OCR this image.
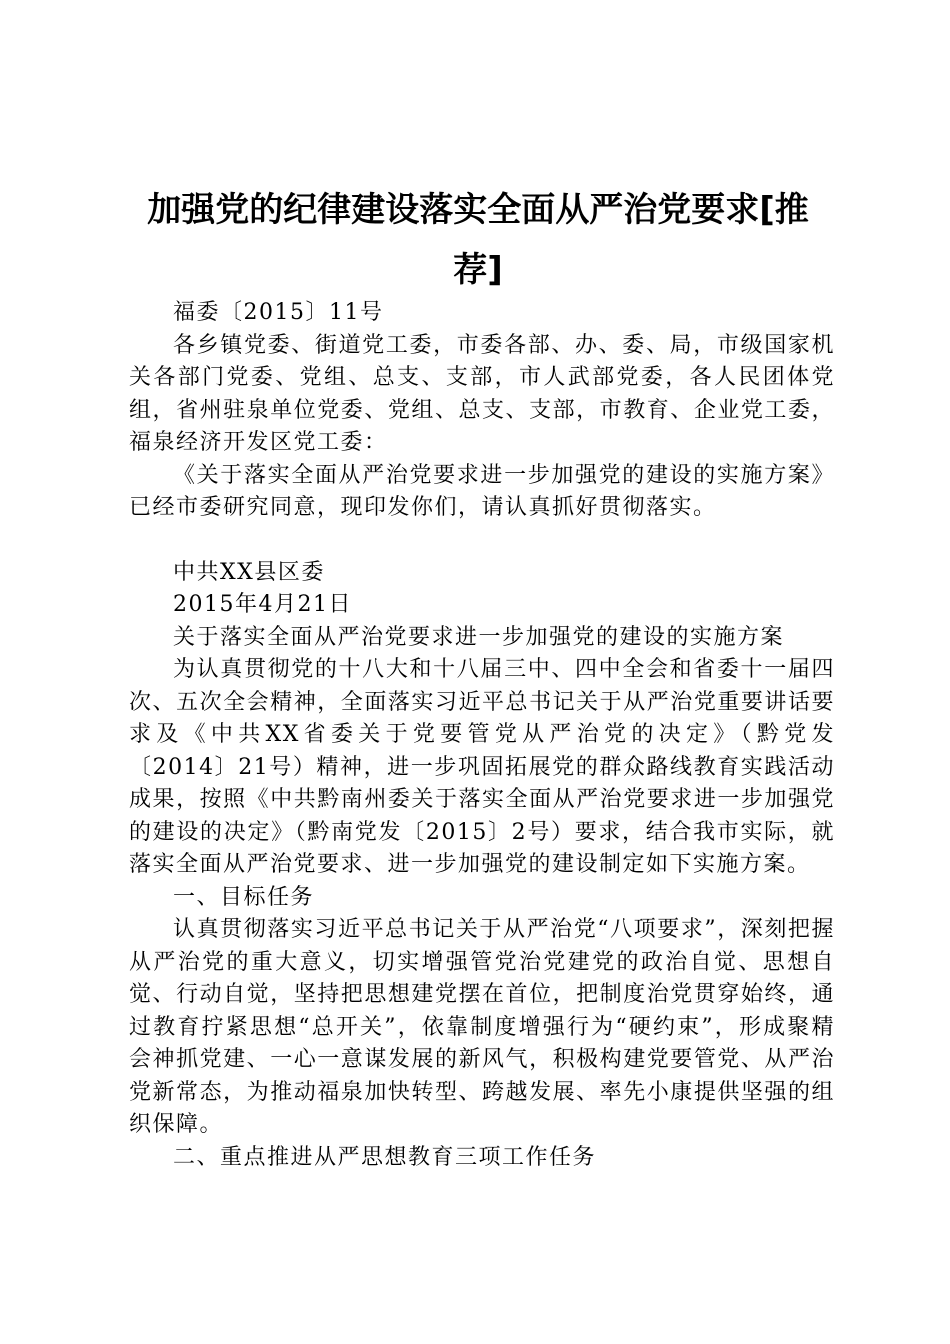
加强党的纪律建设落实全面从严治党要求[推荐]

福委〔2015〕11号

各乡镇党委、街道党工委，市委各部、办、委、局，市级国家机关各部门党委、党组、总支、支部，市人武部党委，各人民团体党组，省州驻泉单位党委、党组、总支、支部，市教育、企业党工委，福泉经济开发区党工委：

《关于落实全面从严治党要求进一步加强党的建设的实施方案》已经市委研究同意，现印发你们，请认真抓好贯彻落实。

中共XX县区委

2015年4月21日

关于落实全面从严治党要求进一步加强党的建设的实施方案

为认真贯彻党的十八大和十八届三中、四中全会和省委十一届四次、五次全会精神，全面落实习近平总书记关于从严治党重要讲话要求及《中共XX省委关于党要管党从严治党的决定》（黔党发〔2014〕21号）精神，进一步巩固拓展党的群众路线教育实践活动成果，按照《中共黔南州委关于落实全面从严治党要求进一步加强党的建设的决定》（黔南党发〔2015〕2号）要求，结合我市实际，就落实全面从严治党要求、进一步加强党的建设制定如下实施方案。

一、目标任务

认真贯彻落实习近平总书记关于从严治党“八项要求”，深刻把握从严治党的重大意义，切实增强管党治党建党的政治自觉、思想自觉、行动自觉，坚持把思想建党摆在首位，把制度治党贯穿始终，通过教育拧紧思想“总开关”，依靠制度增强行为“硬约束”，形成聚精会神抓党建、一心一意谋发展的新风气，积极构建党要管党、从严治党新常态，为推动福泉加快转型、跨越发展、率先小康提供坚强的组织保障。

二、重点推进从严思想教育三项工作任务
